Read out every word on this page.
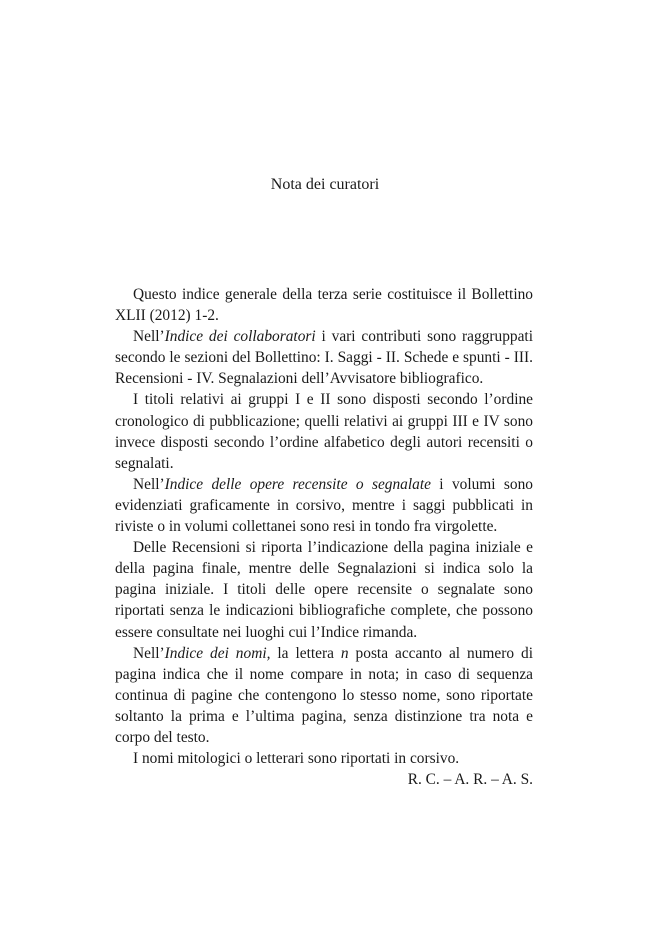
Nota dei curatori

Questo indice generale della terza serie costituisce il Bollettino XLII (2012) 1-2.

Nell’Indice dei collaboratori i vari contributi sono raggruppati secondo le sezioni del Bollettino: I. Saggi - II. Schede e spunti - III. Recensioni - IV. Segnalazioni dell’Avvisatore bibliografico.

I titoli relativi ai gruppi I e II sono disposti secondo l’ordine cronologico di pubblicazione; quelli relativi ai gruppi III e IV sono invece disposti secondo l’ordine alfabetico degli autori recensiti o segnalati.

Nell’Indice delle opere recensite o segnalate i volumi sono evidenziati graficamente in corsivo, mentre i saggi pubblicati in riviste o in volumi collettanei sono resi in tondo fra virgolette.

Delle Recensioni si riporta l’indicazione della pagina iniziale e della pagina finale, mentre delle Segnalazioni si indica solo la pagina iniziale. I titoli delle opere recensite o segnalate sono riportati senza le indicazioni bibliografiche complete, che possono essere consultate nei luoghi cui l’Indice rimanda.

Nell’Indice dei nomi, la lettera n posta accanto al numero di pagina indica che il nome compare in nota; in caso di sequenza continua di pagine che contengono lo stesso nome, sono riportate soltanto la prima e l’ultima pagina, senza distinzione tra nota e corpo del testo.

I nomi mitologici o letterari sono riportati in corsivo.

R. C. – A. R. – A. S.
